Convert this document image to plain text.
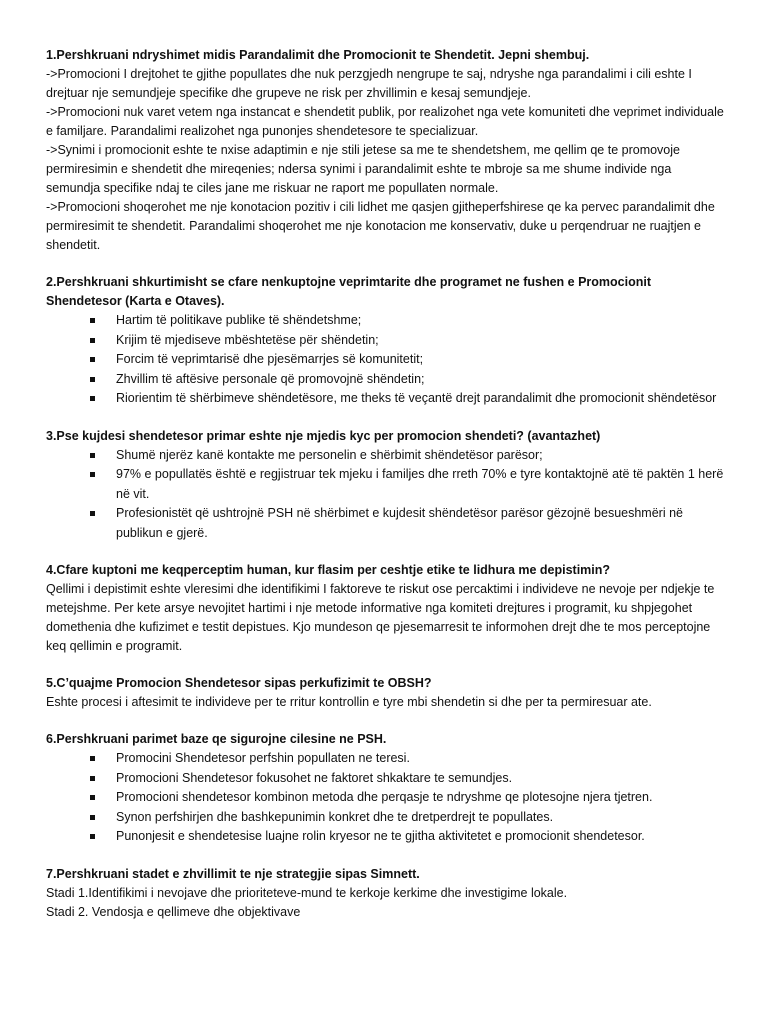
1.Pershkruani ndryshimet midis Parandalimit dhe Promocionit te Shendetit. Jepni shembuj.

->Promocioni I drejtohet te gjithe popullates dhe nuk perzgjedh nengrupe te saj, ndryshe nga parandalimi i cili eshte I drejtuar nje semundjeje specifike dhe grupeve ne risk per zhvillimin e kesaj semundjeje.

->Promocioni nuk varet vetem nga instancat e shendetit publik, por realizohet nga vete komuniteti dhe veprimet individuale e familjare. Parandalimi realizohet nga punonjes shendetesore te specializuar.

->Synimi i promocionit eshte te nxise adaptimin e nje stili jetese sa me te shendetshem, me qellim qe te promovoje permiresimin e shendetit dhe mireqenies; ndersa synimi i parandalimit eshte te mbroje sa me shume individe nga semundja specifike ndaj te ciles jane me riskuar ne raport me popullaten normale.

->Promocioni shoqerohet me nje konotacion pozitiv i cili lidhet me qasjen gjitheperfshirese qe ka pervec parandalimit dhe permiresimit te shendetit. Parandalimi shoqerohet me nje konotacion me konservativ, duke u perqendruar ne ruajtjen e shendetit.

2.Pershkruani shkurtimisht se cfare nenkuptojne veprimtarite dhe programet ne fushen e Promocionit Shendetesor (Karta e Otaves).

Hartim të politikave publike të shëndetshme;
Krijim të mjediseve mbështetëse për shëndetin;
Forcim të veprimtarisë dhe pjesëmarrjes së komunitetit;
Zhvillim të aftësive personale që promovojnë shëndetin;
Riorientim të shërbimeve shëndetësore, me theks të veçantë drejt parandalimit dhe promocionit shëndetësor

3.Pse kujdesi shendetesor primar eshte nje mjedis kyc per promocion shendeti? (avantazhet)

Shumë njerëz kanë kontakte me personelin e shërbimit shëndetësor parësor;
97% e popullatës është e regjistruar tek mjeku i familjes dhe rreth 70% e tyre kontaktojnë atë të paktën 1 herë në vit.
Profesionistët që ushtrojnë PSH në shërbimet e kujdesit shëndetësor parësor gëzojnë besueshmëri në publikun e gjerë.

4.Cfare kuptoni me keqperceptim human, kur flasim per ceshtje etike te lidhura me depistimin?

Qellimi i depistimit eshte vleresimi dhe identifikimi I faktoreve te riskut ose percaktimi i individeve ne nevoje per ndjekje te metejshme. Per kete arsye nevojitet hartimi i nje metode informative nga komiteti drejtures i programit, ku shpjegohet domethenia dhe kufizimet e testit depistues. Kjo mundeson qe pjesemarresit te informohen drejt dhe te mos perceptojne keq qellimin e programit.

5.C’quajme Promocion Shendetesor sipas perkufizimit te OBSH?

Eshte procesi i aftesimit te individeve per te rritur kontrollin e tyre mbi shendetin si dhe per ta permiresuar ate.

6.Pershkruani parimet baze qe sigurojne cilesine ne PSH.

Promocini Shendetesor perfshin popullaten ne teresi.
Promocioni Shendetesor fokusohet ne faktoret shkaktare te semundjes.
Promocioni shendetesor kombinon metoda dhe perqasje te ndryshme qe plotesojne njera tjetren.
Synon perfshirjen dhe bashkepunimin konkret dhe te dretperdrejt te popullates.
Punonjesit e shendetesise luajne rolin kryesor ne te gjitha aktivitetet e promocionit shendetesor.

7.Pershkruani stadet e zhvillimit te nje strategjie sipas Simnett.

Stadi 1.Identifikimi i nevojave dhe prioriteteve-mund te kerkoje kerkime dhe investigime lokale.

Stadi 2. Vendosja e qellimeve dhe objektivave
